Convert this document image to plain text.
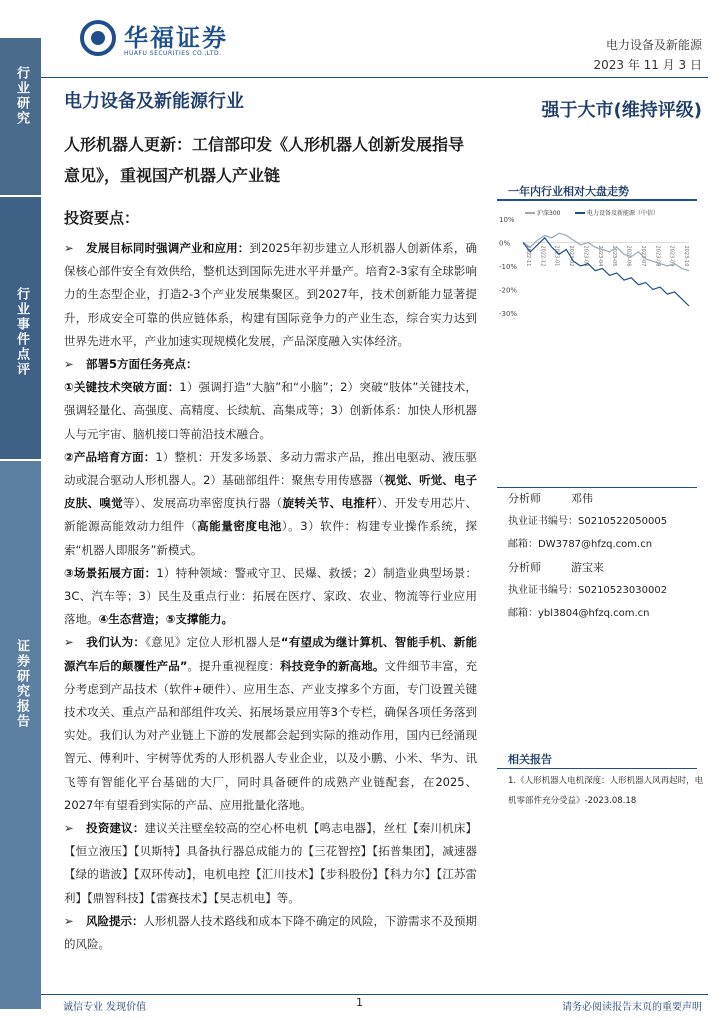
行业研究
行业事件点评
证券研究报告
华福证券
HUAFU SECURITIES CO.,LTD.
电力设备及新能源
2023 年 11 月 3 日
电力设备及新能源行业	强于大市(维持评级)
人形机器人更新：工信部印发《人形机器人创新发展指导意见》，重视国产机器人产业链
投资要点：

➢ 发展目标同时强调产业和应用：到2025年初步建立人形机器人创新体系，确保核心部件安全有效供给，整机达到国际先进水平并量产。培育2-3家有全球影响力的生态型企业，打造2-3个产业发展集聚区。到2027年，技术创新能力显著提升，形成安全可靠的供应链体系，构建有国际竞争力的产业生态，综合实力达到世界先进水平，产业加速实现规模化发展，产品深度融入实体经济。

➢ 部署5方面任务亮点：

①关键技术突破方面：1）强调打造“大脑”和“小脑”；2）突破“肢体”关键技术，强调轻量化、高强度、高精度、长续航、高集成等；3）创新体系：加快人形机器人与元宇宙、脑机接口等前沿技术融合。

②产品培育方面：1）整机：开发多场景、多动力需求产品，推出电驱动、液压驱动或混合驱动人形机器人。2）基础部组件：聚焦专用传感器（视觉、听觉、电子皮肤、嗅觉等）、发展高功率密度执行器（旋转关节、电推杆）、开发专用芯片、新能源高能效动力组件（高能量密度电池）。3）软件：构建专业操作系统，探索“机器人即服务”新模式。

③场景拓展方面：1）特种领域：警戒守卫、民爆、救援；2）制造业典型场景：3C、汽车等；3）民生及重点行业：拓展在医疗、家政、农业、物流等行业应用落地。④生态营造；⑤支撑能力。

➢ 我们认为：《意见》定位人形机器人是“有望成为继计算机、智能手机、新能源汽车后的颠覆性产品”。提升重视程度：科技竞争的新高地。文件细节丰富，充分考虑到产品技术（软件+硬件）、应用生态、产业支撑多个方面，专门设置关键技术攻关、重点产品和部组件攻关、拓展场景应用等3个专栏，确保各项任务落到实处。我们认为对产业链上下游的发展都会起到实际的推动作用，国内已经涌现智元、傅利叶、宇树等优秀的人形机器人专业企业，以及小鹏、小米、华为、讯飞等有智能化平台基础的大厂，同时具备硬件的成熟产业链配套，在2025、2027年有望看到实际的产品、应用批量化落地。

➢ 投资建议：建议关注壁垒较高的空心杯电机【鸣志电器】，丝杠【秦川机床】【恒立液压】【贝斯特】具备执行器总成能力的【三花智控】【拓普集团】，减速器【绿的谐波】【双环传动】，电机电控【汇川技术】【步科股份】【科力尔】【江苏雷利】【鼎智科技】【雷赛技术】【昊志机电】等。

➢ 风险提示：人形机器人技术路线和成本下降不确定的风险，下游需求不及预期的风险。

一年内行业相对大盘走势
10%
0%
-10%
-20%
-30%
2022-11 2022-12 2023-01 2023-02 2023-03 2023-04 2023-05 2023-06 2023-07 2023-08 2023-09 2023-10
沪深300	电力设备及新能源（中信）
分析师	邓伟
执业证书编号：S0210522050005
邮箱：DW3787@hfzq.com.cn
分析师	游宝来
执业证书编号：S0210523030002
邮箱：ybl3804@hfzq.com.cn
相关报告
1.《人形机器人电机深度：人形机器人风再起时，电机零部件充分受益》-2023.08.18
诚信专业 发现价值	1	请务必阅读报告末页的重要声明
